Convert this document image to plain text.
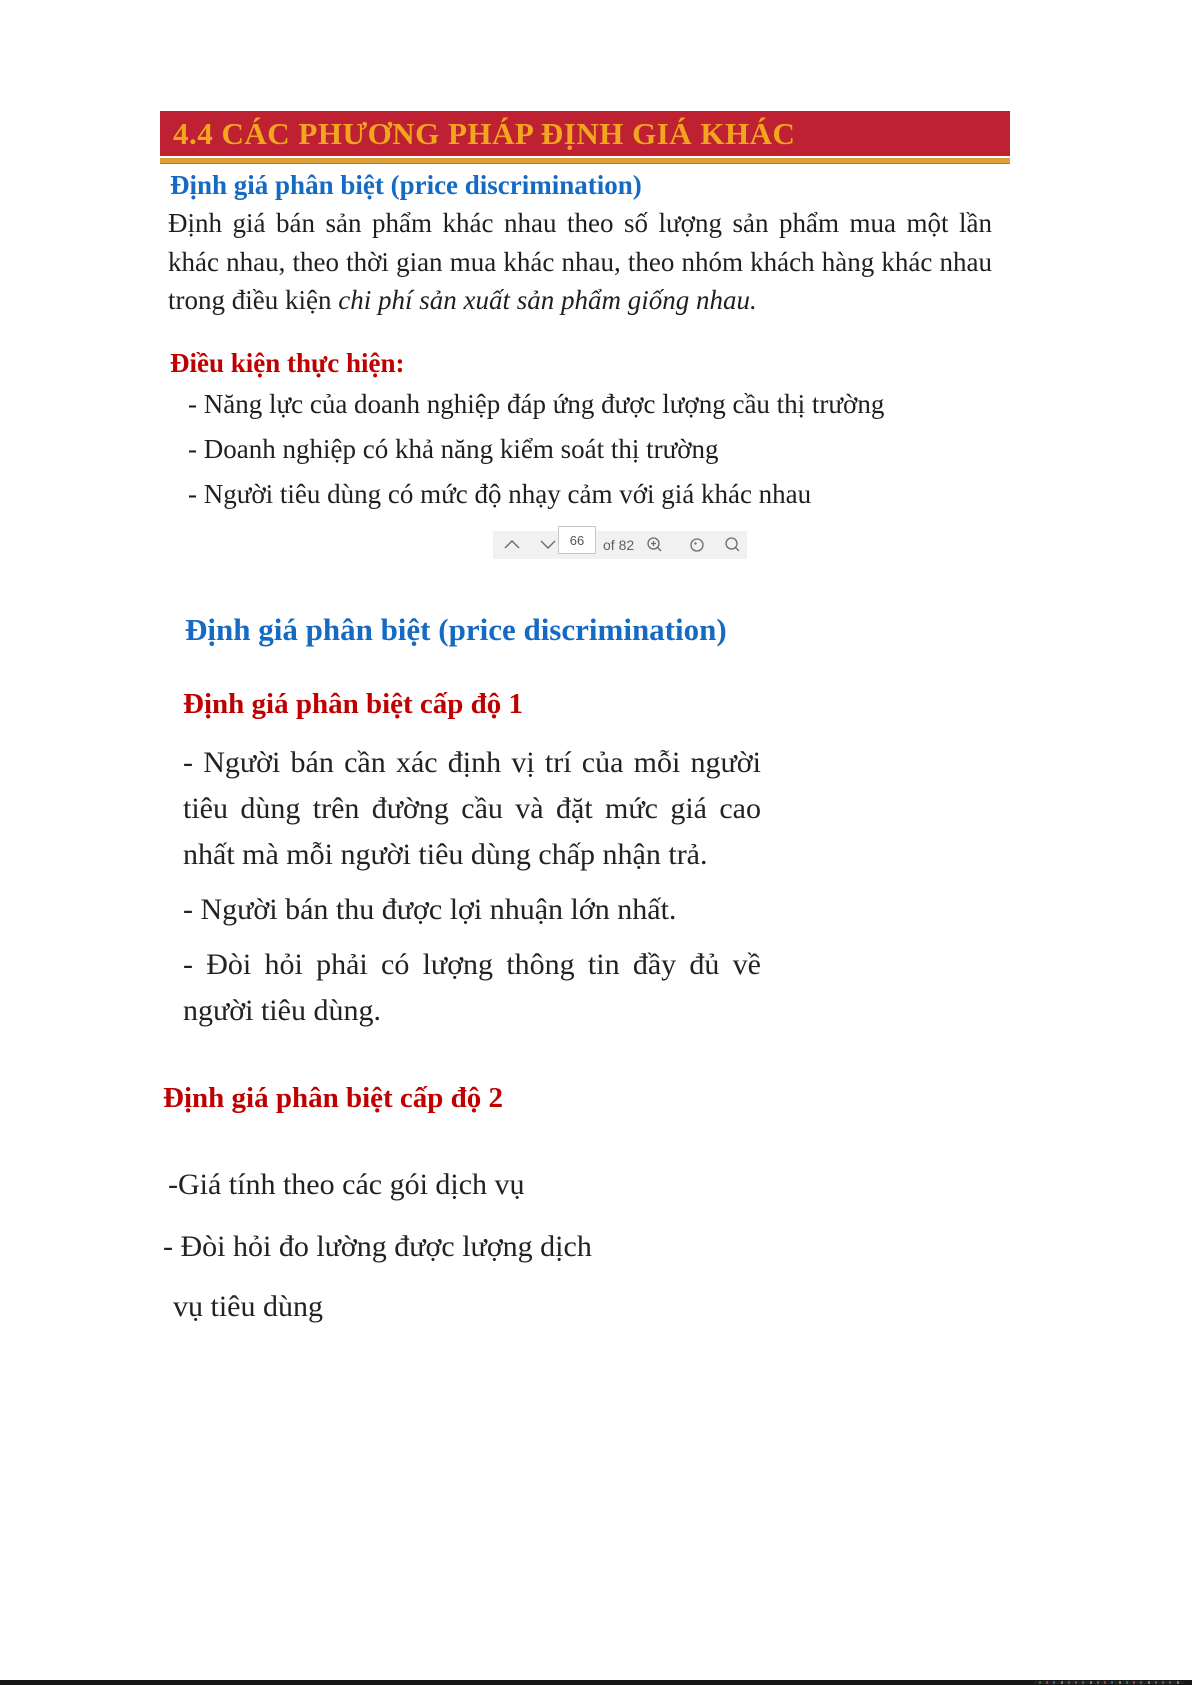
4.4 CÁC PHƯƠNG PHÁP ĐỊNH GIÁ KHÁC
Định giá phân biệt (price discrimination)

Định giá bán sản phẩm khác nhau theo số lượng sản phẩm mua một lần khác nhau, theo thời gian mua khác nhau, theo nhóm khách hàng khác nhau trong điều kiện chi phí sản xuất sản phẩm giống nhau.

Điều kiện thực hiện:
- Năng lực của doanh nghiệp đáp ứng được lượng cầu thị trường
- Doanh nghiệp có khả năng kiểm soát thị trường
- Người tiêu dùng có mức độ nhạy cảm với giá khác nhau
66
of 82
Định giá phân biệt (price discrimination)
Định giá phân biệt cấp độ 1

- Người bán cần xác định vị trí của mỗi người tiêu dùng trên đường cầu và đặt mức giá cao nhất mà mỗi người tiêu dùng chấp nhận trả.

- Người bán thu được lợi nhuận lớn nhất.

- Đòi hỏi phải có lượng thông tin đầy đủ về người tiêu dùng.

Định giá phân biệt cấp độ 2
-Giá tính theo các gói dịch vụ
- Đòi hỏi đo lường được lượng dịch
vụ tiêu dùng
